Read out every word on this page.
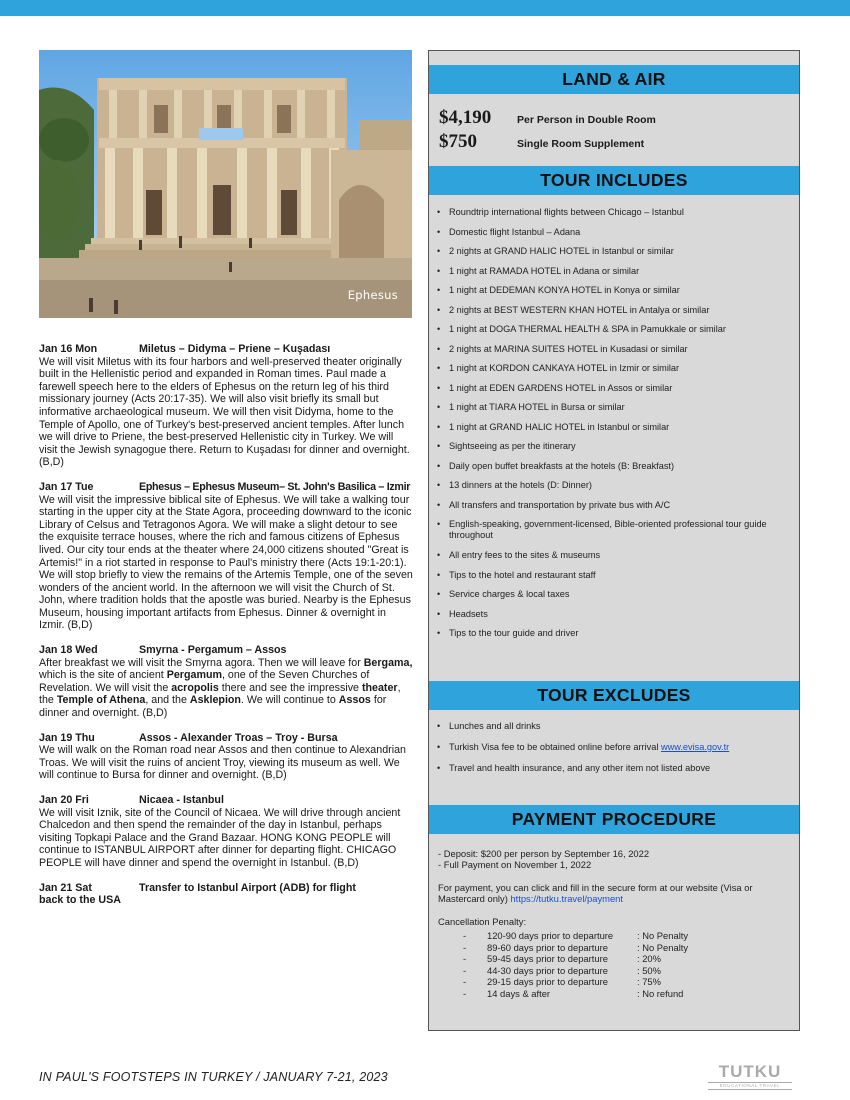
Ephesus
Jan 16 Mon	Miletus – Didyma – Priene – Kuşadası
We will visit Miletus with its four harbors and well-preserved theater originally built in the Hellenistic period and expanded in Roman times. Paul made a farewell speech here to the elders of Ephesus on the return leg of his third missionary journey (Acts 20:17-35). We will also visit briefly its small but informative archaeological museum. We will then visit Didyma, home to the Temple of Apollo, one of Turkey's best-preserved ancient temples. After lunch we will drive to Priene, the best-preserved Hellenistic city in Turkey. We will visit the Jewish synagogue there. Return to Kuşadası for dinner and overnight. (B,D)
Jan 17 Tue	Ephesus – Ephesus Museum– St. John's Basilica – Izmir
We will visit the impressive biblical site of Ephesus. We will take a walking tour starting in the upper city at the State Agora, proceeding downward to the iconic Library of Celsus and Tetragonos Agora. We will make a slight detour to see the exquisite terrace houses, where the rich and famous citizens of Ephesus lived. Our city tour ends at the theater where 24,000 citizens shouted "Great is Artemis!" in a riot started in response to Paul's ministry there (Acts 19:1-20:1). We will stop briefly to view the remains of the Artemis Temple, one of the seven wonders of the ancient world. In the afternoon we will visit the Church of St. John, where tradition holds that the apostle was buried. Nearby is the Ephesus Museum, housing important artifacts from Ephesus. Dinner & overnight in Izmir. (B,D)
Jan 18 Wed	Smyrna - Pergamum – Assos
After breakfast we will visit the Smyrna agora. Then we will leave for Bergama, which is the site of ancient Pergamum, one of the Seven Churches of Revelation. We will visit the acropolis there and see the impressive theater, the Temple of Athena, and the Asklepion. We will continue to Assos for dinner and overnight. (B,D)
Jan 19 Thu	Assos - Alexander Troas – Troy - Bursa
We will walk on the Roman road near Assos and then continue to Alexandrian Troas. We will visit the ruins of ancient Troy, viewing its museum as well. We will continue to Bursa for dinner and overnight. (B,D)
Jan 20 Fri	Nicaea - Istanbul
We will visit Iznik, site of the Council of Nicaea. We will drive through ancient Chalcedon and then spend the remainder of the day in Istanbul, perhaps visiting Topkapi Palace and the Grand Bazaar. HONG KONG PEOPLE will continue to ISTANBUL AIRPORT after dinner for departing flight. CHICAGO PEOPLE will have dinner and spend the overnight in Istanbul. (B,D)
Jan 21 Sat	Transfer to Istanbul Airport (ADB) for flight
back to the USA
LAND & AIR
$4,190	Per Person in Double Room
$750	Single Room Supplement
TOUR INCLUDES
• Roundtrip international flights between Chicago – Istanbul
• Domestic flight Istanbul – Adana
• 2 nights at GRAND HALIC HOTEL in Istanbul or similar
• 1 night at RAMADA HOTEL in Adana or similar
• 1 night at DEDEMAN KONYA HOTEL in Konya or similar
• 2 nights at BEST WESTERN KHAN HOTEL in Antalya or similar
• 1 night at DOGA THERMAL HEALTH & SPA in Pamukkale or similar
• 2 nights at MARINA SUITES HOTEL in Kusadasi or similar
• 1 night at KORDON CANKAYA HOTEL in Izmir or similar
• 1 night at EDEN GARDENS HOTEL in Assos or similar
• 1 night at TIARA HOTEL in Bursa or similar
• 1 night at GRAND HALIC HOTEL in Istanbul or similar
• Sightseeing as per the itinerary
• Daily open buffet breakfasts at the hotels (B: Breakfast)
• 13 dinners at the hotels (D: Dinner)
• All transfers and transportation by private bus with A/C
• English-speaking, government-licensed, Bible-oriented professional tour guide throughout
• All entry fees to the sites & museums
• Tips to the hotel and restaurant staff
• Service charges & local taxes
• Headsets
• Tips to the tour guide and driver
TOUR EXCLUDES
• Lunches and all drinks
• Turkish Visa fee to be obtained online before arrival www.evisa.gov.tr
• Travel and health insurance, and any other item not listed above
PAYMENT PROCEDURE
- Deposit: $200 per person by September 16, 2022
- Full Payment on November 1, 2022
For payment, you can click and fill in the secure form at our website (Visa or Mastercard only) https://tutku.travel/payment
Cancellation Penalty:
-	120-90 days prior to departure	: No Penalty
-	89-60 days prior to departure	: No Penalty
-	59-45 days prior to departure	: 20%
-	44-30 days prior to departure	: 50%
-	29-15 days prior to departure	: 75%
-	14 days & after	: No refund
IN PAUL'S FOOTSTEPS IN TURKEY / JANUARY 7-21, 2023	TUTKU
EDUCATIONAL TRAVEL
